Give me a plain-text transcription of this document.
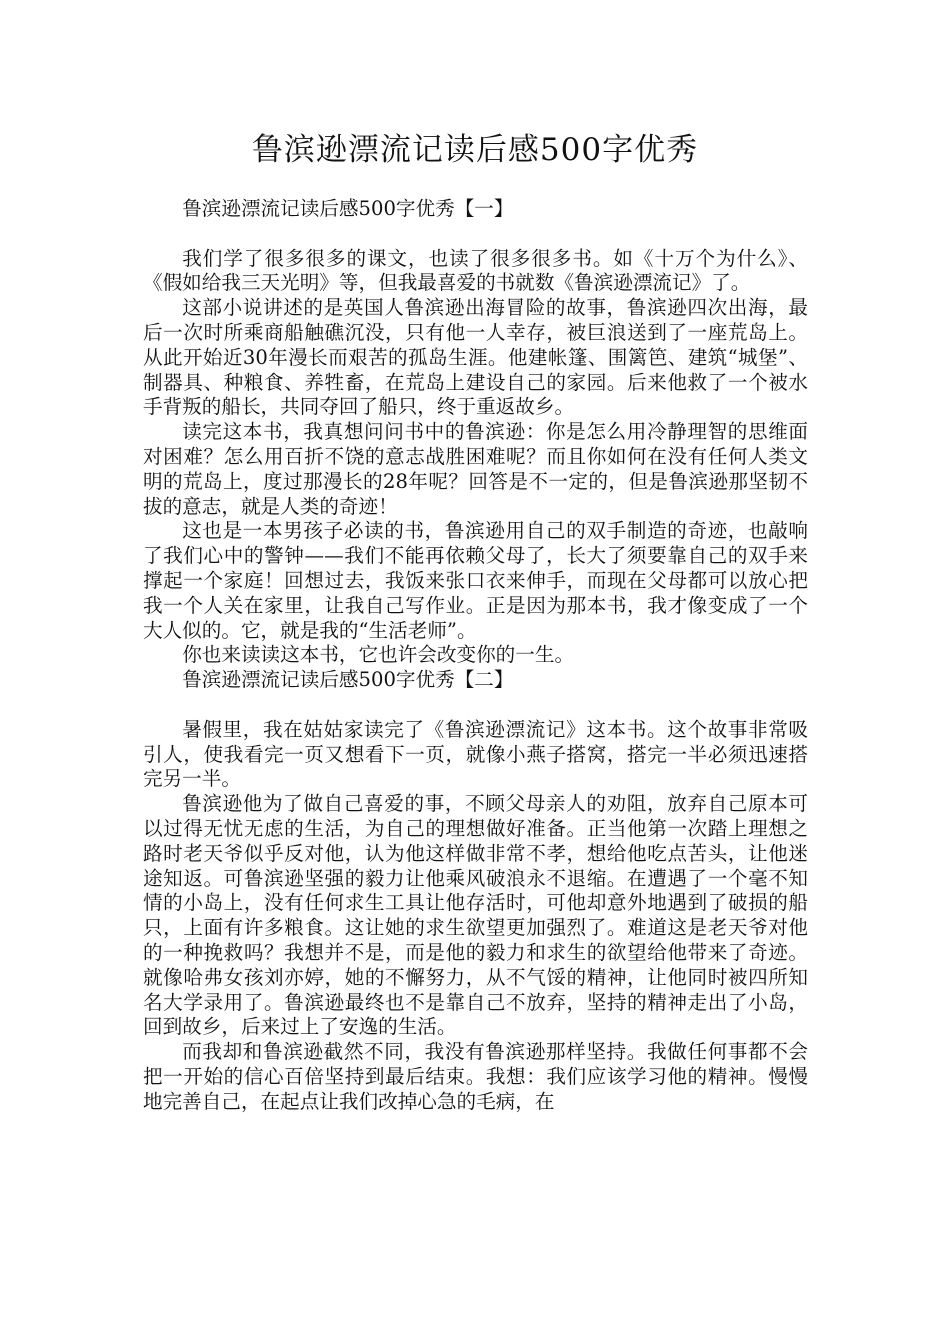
鲁滨逊漂流记读后感500字优秀

鲁滨逊漂流记读后感500字优秀【一】

我们学了很多很多的课文，也读了很多很多书。如《十万个为什么》、《假如给我三天光明》等，但我最喜爱的书就数《鲁滨逊漂流记》了。

这部小说讲述的是英国人鲁滨逊出海冒险的故事，鲁滨逊四次出海，最后一次时所乘商船触礁沉没，只有他一人幸存，被巨浪送到了一座荒岛上。从此开始近30年漫长而艰苦的孤岛生涯。他建帐篷、围篱笆、建筑“城堡”、制器具、种粮食、养牲畜，在荒岛上建设自己的家园。后来他救了一个被水手背叛的船长，共同夺回了船只，终于重返故乡。

读完这本书，我真想问问书中的鲁滨逊：你是怎么用冷静理智的思维面对困难？怎么用百折不饶的意志战胜困难呢？而且你如何在没有任何人类文明的荒岛上，度过那漫长的28年呢？回答是不一定的，但是鲁滨逊那坚韧不拔的意志，就是人类的奇迹！

这也是一本男孩子必读的书，鲁滨逊用自己的双手制造的奇迹，也敲响了我们心中的警钟——我们不能再依赖父母了，长大了须要靠自己的双手来撑起一个家庭！回想过去，我饭来张口衣来伸手，而现在父母都可以放心把我一个人关在家里，让我自己写作业。正是因为那本书，我才像变成了一个大人似的。它，就是我的“生活老师”。

你也来读读这本书，它也许会改变你的一生。

鲁滨逊漂流记读后感500字优秀【二】

暑假里，我在姑姑家读完了《鲁滨逊漂流记》这本书。这个故事非常吸引人，使我看完一页又想看下一页，就像小燕子搭窝，搭完一半必须迅速搭完另一半。

鲁滨逊他为了做自己喜爱的事，不顾父母亲人的劝阻，放弃自己原本可以过得无忧无虑的生活，为自己的理想做好准备。正当他第一次踏上理想之路时老天爷似乎反对他，认为他这样做非常不孝，想给他吃点苦头，让他迷途知返。可鲁滨逊坚强的毅力让他乘风破浪永不退缩。在遭遇了一个毫不知情的小岛上，没有任何求生工具让他存活时，可他却意外地遇到了破损的船只，上面有许多粮食。这让她的求生欲望更加强烈了。难道这是老天爷对他的一种挽救吗？我想并不是，而是他的毅力和求生的欲望给他带来了奇迹。就像哈弗女孩刘亦婷，她的不懈努力，从不气馁的精神，让他同时被四所知名大学录用了。鲁滨逊最终也不是靠自己不放弃，坚持的精神走出了小岛，回到故乡，后来过上了安逸的生活。

而我却和鲁滨逊截然不同，我没有鲁滨逊那样坚持。我做任何事都不会把一开始的信心百倍坚持到最后结束。我想：我们应该学习他的精神。慢慢地完善自己，在起点让我们改掉心急的毛病，在
